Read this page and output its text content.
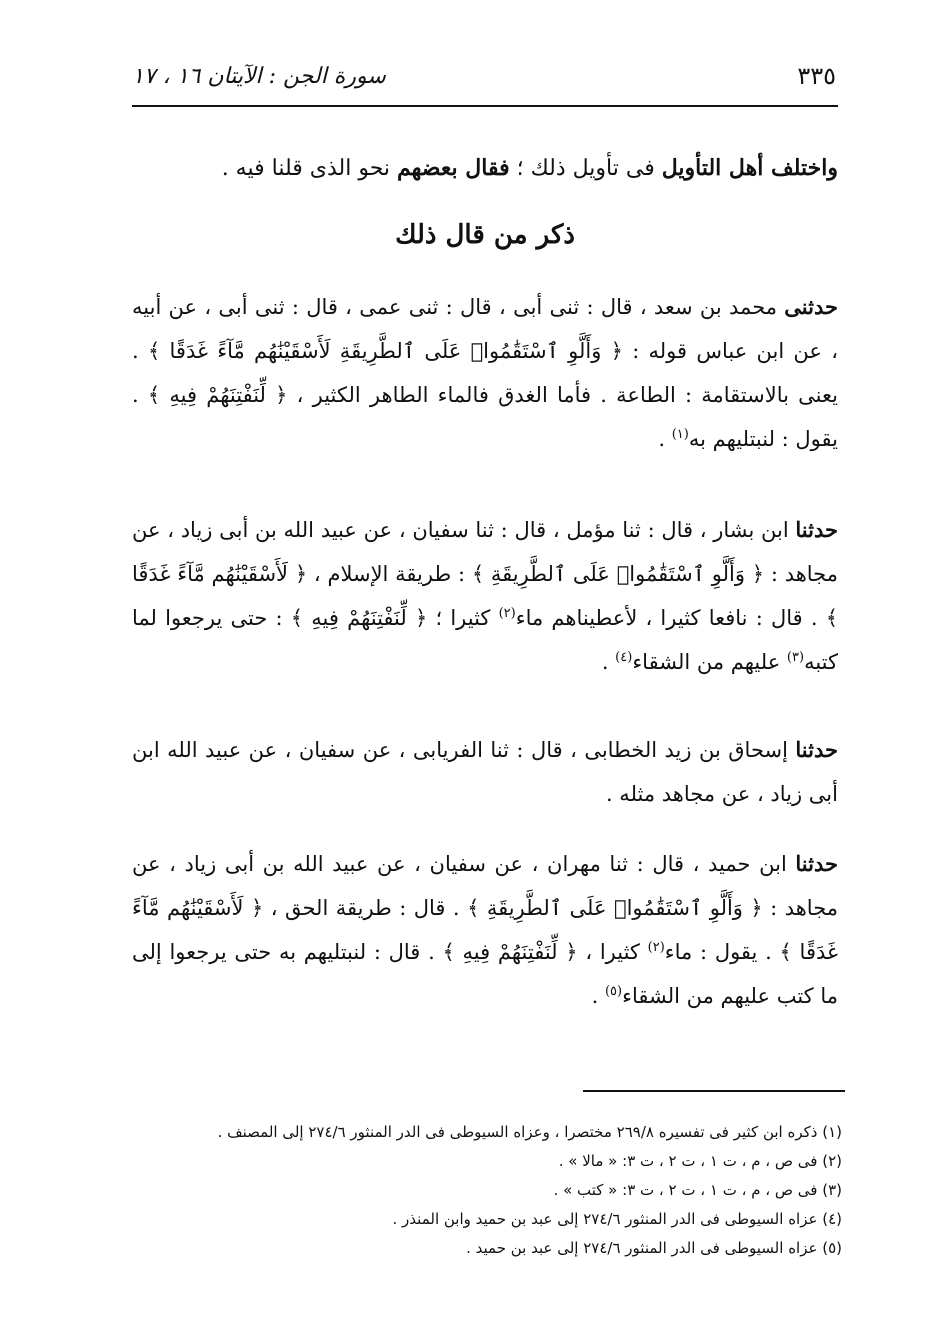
سورة الجن : الآيتان ١٦ ، ١٧	٣٣٥
واختلف أهل التأويل فى تأويل ذلك ؛ فقال بعضهم نحو الذى قلنا فيه .
ذكر من قال ذلك
حدثنى محمد بن سعد ، قال : ثنى أبى ، قال : ثنى عمى ، قال : ثنى أبى ، عن أبيه ، عن ابن عباس قوله : ﴿ وَأَلَّوِ ٱسْتَقَٰمُوا۟ عَلَى ٱلطَّرِيقَةِ لَأَسْقَيْنَٰهُم مَّآءً غَدَقًا ﴾ . يعنى بالاستقامة : الطاعة . فأما الغدق فالماء الطاهر الكثير ، ﴿ لِّنَفْتِنَهُمْ فِيهِ ﴾ . يقول : لنبتليهم به$^{(١)}$ .
حدثنا ابن بشار ، قال : ثنا مؤمل ، قال : ثنا سفيان ، عن عبيد الله بن أبى زياد ، عن مجاهد : ﴿ وَأَلَّوِ ٱسْتَقَٰمُوا۟ عَلَى ٱلطَّرِيقَةِ ﴾ : طريقة الإسلام ، ﴿ لَأَسْقَيْنَٰهُم مَّآءً غَدَقًا ﴾ . قال : نافعا كثيرا ، لأعطيناهم ماء$^{(٢)}$ كثيرا ؛ ﴿ لِّنَفْتِنَهُمْ فِيهِ ﴾ : حتى يرجعوا لما كتبه$^{(٣)}$ عليهم من الشقاء$^{(٤)}$ .
حدثنا إسحاق بن زيد الخطابى ، قال : ثنا الفريابى ، عن سفيان ، عن عبيد الله ابن أبى زياد ، عن مجاهد مثله .
حدثنا ابن حميد ، قال : ثنا مهران ، عن سفيان ، عن عبيد الله بن أبى زياد ، عن مجاهد : ﴿ وَأَلَّوِ ٱسْتَقَٰمُوا۟ عَلَى ٱلطَّرِيقَةِ ﴾ . قال : طريقة الحق ، ﴿ لَأَسْقَيْنَٰهُم مَّآءً غَدَقًا ﴾ . يقول : ماء$^{(٢)}$ كثيرا ، ﴿ لِّنَفْتِنَهُمْ فِيهِ ﴾ . قال : لنبتليهم به حتى يرجعوا إلى ما كتب عليهم من الشقاء$^{(٥)}$ .

(١) ذكره ابن كثير فى تفسيره ٢٦٩/٨ مختصرا ، وعزاه السيوطى فى الدر المنثور ٢٧٤/٦ إلى المصنف .

(٢) فى ص ، م ، ت ١ ، ت ٢ ، ت ٣: « مالا » .

(٣) فى ص ، م ، ت ١ ، ت ٢ ، ت ٣: « كتب » .

(٤) عزاه السيوطى فى الدر المنثور ٢٧٤/٦ إلى عبد بن حميد وابن المنذر .

(٥) عزاه السيوطى فى الدر المنثور ٢٧٤/٦ إلى عبد بن حميد .
